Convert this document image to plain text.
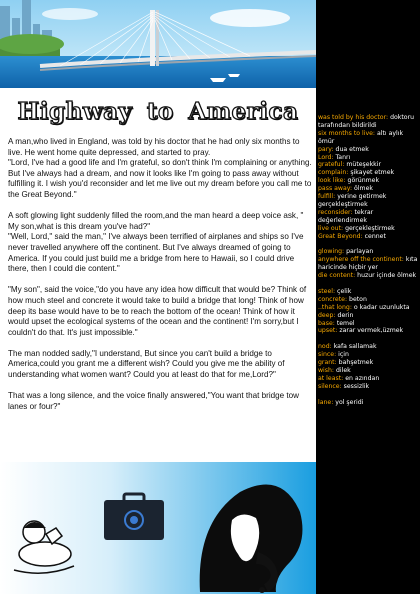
Highway to America

A man,who lived in England, was told by his doctor that he had only six months to live. He went home quite depressed, and started to pray.
"Lord, I've had a good life and I'm grateful, so don't think I'm complaining or anything. But I've always had a dream, and now it looks like I'm going to pass away without fulfilling it. I wish you'd reconsider and let me live out my dream before you call me to the Great Beyond."

A soft glowing light suddenly filled the room,and the man heard a deep voice ask, " My son,what is this dream you've had?"
"Well, Lord," said the man," I've always been terrified of airplanes and ships so I've never travelled anywhere off the continent. But I've always dreamed of going to America. If you could just build me a bridge from here to Hawaii, so I could drive there, then I could die content."

"My son", said the voice,"do you have any idea how difficult that would be? Think of how much steel and concrete it would take to build a bridge that long! Think of how deep its base would have to be to reach the bottom of the ocean! Think of how it would upset the ecological systems of the ocean and the continent! I'm sorry,but I couldn't do that. It's just impossible."

The man nodded sadly,"I understand, But since you can't build a bridge to America,could you grant me a different wish? Could you give me the ability of understanding what women want? Could you at least do that for me,Lord?"

That was a long silence, and the voice finally answered,"You want that bridge tow lanes or four?"

was told by his doctor: doktoru tarafından bildirildi
six months to live: altı aylık ömür
pary: dua etmek
Lord: Tanrı
grateful: müteşekkir
complain: şikayet etmek
look like: görünmek
pass away: ölmek
fulfill: yerine getirmek gerçekleştirmek
reconsider: tekrar değerlendirmek
live out: gerçekleştirmek
Great Beyond: cennet
glowing: parlayan
anywhere off the continent: kıta haricinde hiçbir yer
die content: huzur içinde ölmek
steel: çelik
concrete: beton
..that long: o kadar uzunlukta
deep: derin
base: temel
upset: zarar vermek,üzmek
nod: kafa sallamak
since: için
grant: bahşetmek
wish: dilek
at least: en azından
silence: sessizlik
lane: yol şeridi
